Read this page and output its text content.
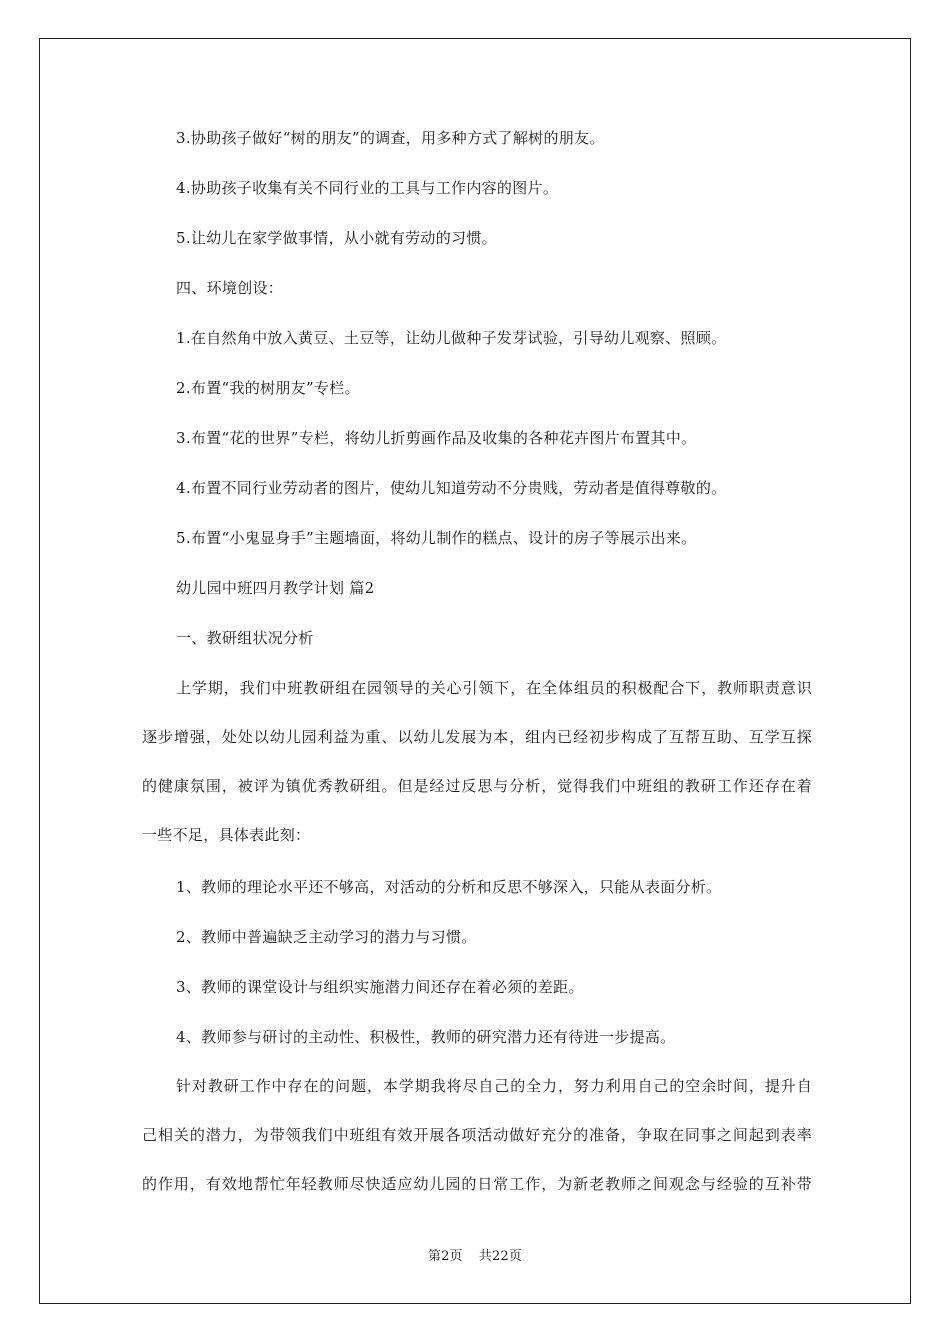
3.协助孩子做好“树的朋友”的调查，用多种方式了解树的朋友。
4.协助孩子收集有关不同行业的工具与工作内容的图片。
5.让幼儿在家学做事情，从小就有劳动的习惯。
四、环境创设：
1.在自然角中放入黄豆、土豆等，让幼儿做种子发芽试验，引导幼儿观察、照顾。
2.布置“我的树朋友”专栏。
3.布置“花的世界”专栏，将幼儿折剪画作品及收集的各种花卉图片布置其中。
4.布置不同行业劳动者的图片，使幼儿知道劳动不分贵贱，劳动者是值得尊敬的。
5.布置“小鬼显身手”主题墙面，将幼儿制作的糕点、设计的房子等展示出来。
幼儿园中班四月教学计划 篇2
一、教研组状况分析
上学期，我们中班教研组在园领导的关心引领下，在全体组员的积极配合下，教师职责意识
逐步增强，处处以幼儿园利益为重、以幼儿发展为本，组内已经初步构成了互帮互助、互学互探
的健康氛围，被评为镇优秀教研组。但是经过反思与分析，觉得我们中班组的教研工作还存在着
一些不足，具体表此刻：
1、教师的理论水平还不够高，对活动的分析和反思不够深入，只能从表面分析。
2、教师中普遍缺乏主动学习的潜力与习惯。
3、教师的课堂设计与组织实施潜力间还存在着必须的差距。
4、教师参与研讨的主动性、积极性，教师的研究潜力还有待进一步提高。
针对教研工作中存在的问题，本学期我将尽自己的全力，努力利用自己的空余时间，提升自
己相关的潜力，为带领我们中班组有效开展各项活动做好充分的准备，争取在同事之间起到表率
的作用，有效地帮忙年轻教师尽快适应幼儿园的日常工作，为新老教师之间观念与经验的互补带
第2页 共22页
